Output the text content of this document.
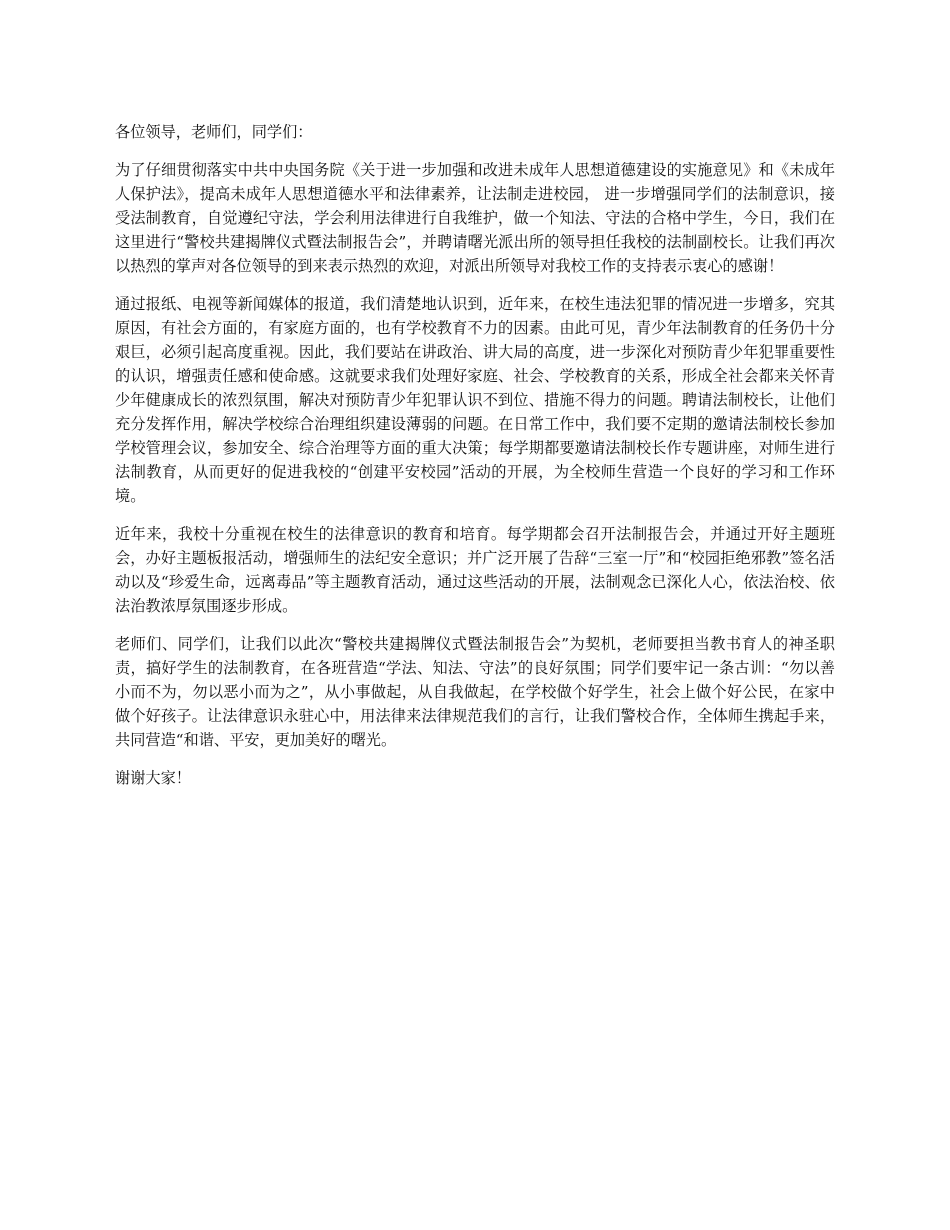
各位领导，老师们，同学们：

为了仔细贯彻落实中共中央国务院《关于进一步加强和改进未成年人思想道德建设的实施意见》和《未成年人保护法》，提高未成年人思想道德水平和法律素养，让法制走进校园， 进一步增强同学们的法制意识，接受法制教育，自觉遵纪守法，学会利用法律进行自我维护，做一个知法、守法的合格中学生，今日，我们在这里进行“警校共建揭牌仪式暨法制报告会”，并聘请曙光派出所的领导担任我校的法制副校长。让我们再次以热烈的掌声对各位领导的到来表示热烈的欢迎，对派出所领导对我校工作的支持表示衷心的感谢！

通过报纸、电视等新闻媒体的报道，我们清楚地认识到，近年来，在校生违法犯罪的情况进一步增多，究其原因，有社会方面的，有家庭方面的，也有学校教育不力的因素。由此可见，青少年法制教育的任务仍十分艰巨，必须引起高度重视。因此，我们要站在讲政治、讲大局的高度，进一步深化对预防青少年犯罪重要性的认识，增强责任感和使命感。这就要求我们处理好家庭、社会、学校教育的关系，形成全社会都来关怀青少年健康成长的浓烈氛围，解决对预防青少年犯罪认识不到位、措施不得力的问题。聘请法制校长，让他们充分发挥作用，解决学校综合治理组织建设薄弱的问题。在日常工作中，我们要不定期的邀请法制校长参加学校管理会议，参加安全、综合治理等方面的重大决策；每学期都要邀请法制校长作专题讲座，对师生进行法制教育，从而更好的促进我校的“创建平安校园”活动的开展，为全校师生营造一个良好的学习和工作环境。

近年来，我校十分重视在校生的法律意识的教育和培育。每学期都会召开法制报告会，并通过开好主题班会，办好主题板报活动，增强师生的法纪安全意识；并广泛开展了告辞“三室一厅”和“校园拒绝邪教”签名活动以及“珍爱生命，远离毒品”等主题教育活动，通过这些活动的开展，法制观念已深化人心，依法治校、依法治教浓厚氛围逐步形成。

老师们、同学们，让我们以此次“警校共建揭牌仪式暨法制报告会”为契机，老师要担当教书育人的神圣职责，搞好学生的法制教育，在各班营造“学法、知法、守法”的良好氛围；同学们要牢记一条古训：“勿以善小而不为，勿以恶小而为之”，从小事做起，从自我做起，在学校做个好学生，社会上做个好公民，在家中做个好孩子。让法律意识永驻心中，用法律来法律规范我们的言行，让我们警校合作，全体师生携起手来，共同营造“和谐、平安，更加美好的曙光。

谢谢大家！
